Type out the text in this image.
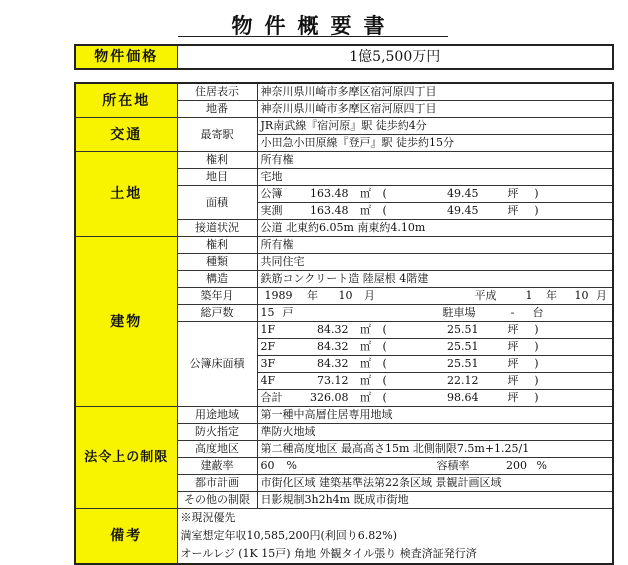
物件概要書
物件価格	1億5,500万円
所在地	住居表示	神奈川県川崎市多摩区宿河原四丁目
	地番	神奈川県川崎市多摩区宿河原四丁目
交通	最寄駅	JR南武線『宿河原』駅 徒歩約4分
		小田急小田原線『登戸』駅 徒歩約15分
土地	権利	所有権
	地目	宅地
	面積	公簿 163.48 ㎡ ( 49.45 坪 )
		実測 163.48 ㎡ ( 49.45 坪 )
	接道状況	公道 北東約6.05m 南東約4.10m
建物	権利	所有権
	種類	共同住宅
	構造	鉄筋コンクリート造 陸屋根 4階建
	築年月	1989 年 10 月 平成 1 年 10 月
	総戸数	15 戸 駐車場 - 台
	公簿床面積	1F 84.32 ㎡ ( 25.51 坪 )
		2F 84.32 ㎡ ( 25.51 坪 )
		3F 84.32 ㎡ ( 25.51 坪 )
		4F 73.12 ㎡ ( 22.12 坪 )
		合計 326.08 ㎡ ( 98.64 坪 )
法令上の制限	用途地域	第一種中高層住居専用地域
	防火指定	準防火地域
	高度地区	第二種高度地区 最高高さ15m 北側制限7.5m+1.25/1
	建蔽率	60 % 容積率 200 %
	都市計画	市街化区域 建築基準法第22条区域 景観計画区域
	その他の制限	日影規制3h2h4m 既成市街地
備考	※現況優先	
	満室想定年収10,585,200円(利回り6.82%)	
	オールレジ (1K 15戸) 角地 外観タイル張り 検査済証発行済	
